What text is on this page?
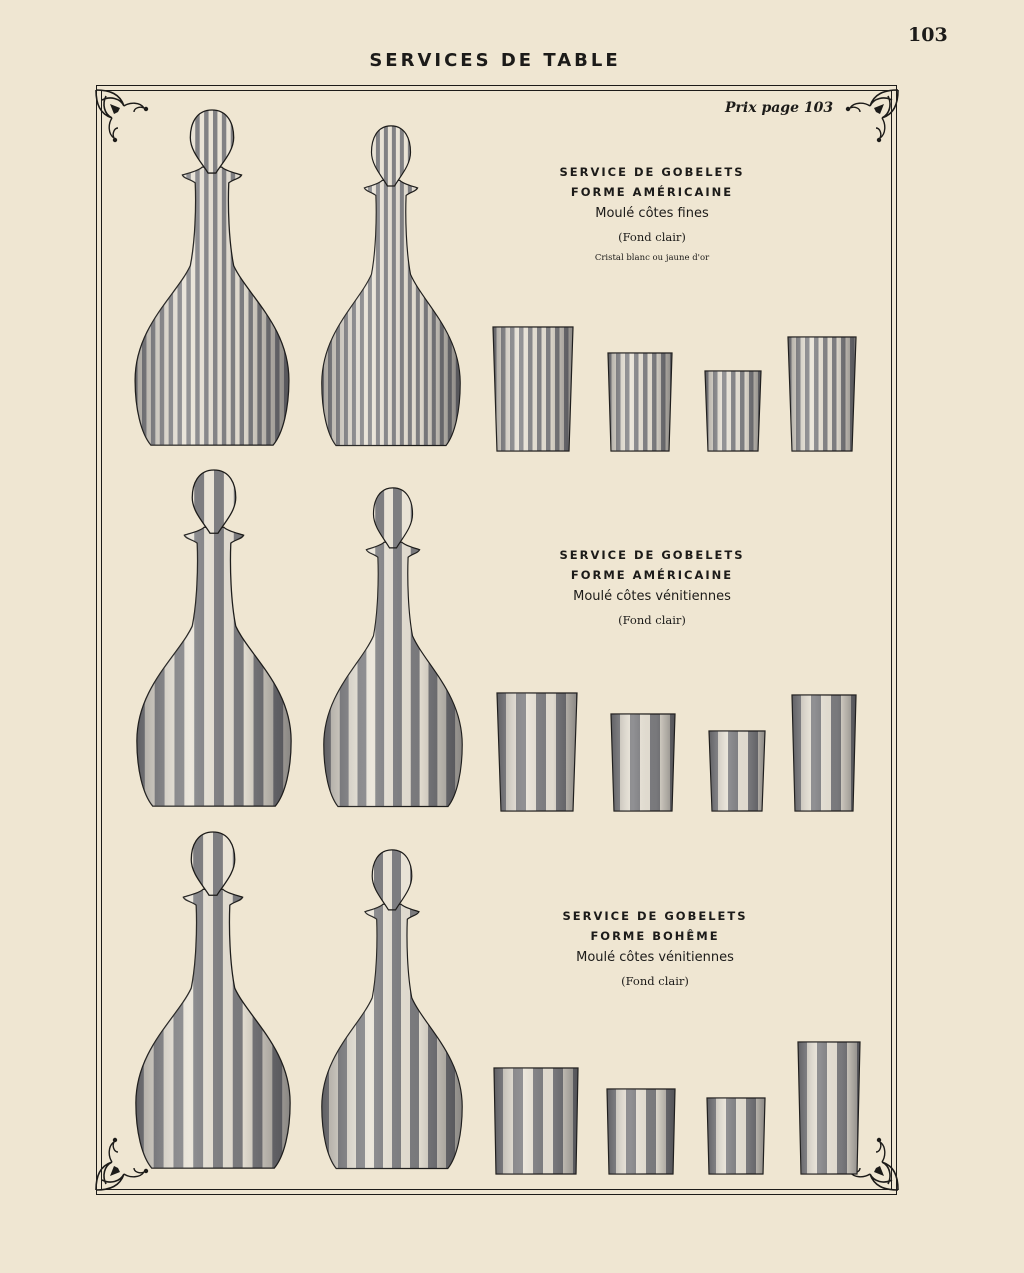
103
SERVICES DE TABLE
Prix page 103
SERVICE DE GOBELETS
FORME AMÉRICAINE
Moulé côtes fines
(Fond clair)
Cristal blanc ou jaune d'or
SERVICE DE GOBELETS
FORME AMÉRICAINE
Moulé côtes vénitiennes
(Fond clair)
SERVICE DE GOBELETS
FORME BOHÊME
Moulé côtes vénitiennes
(Fond clair)
